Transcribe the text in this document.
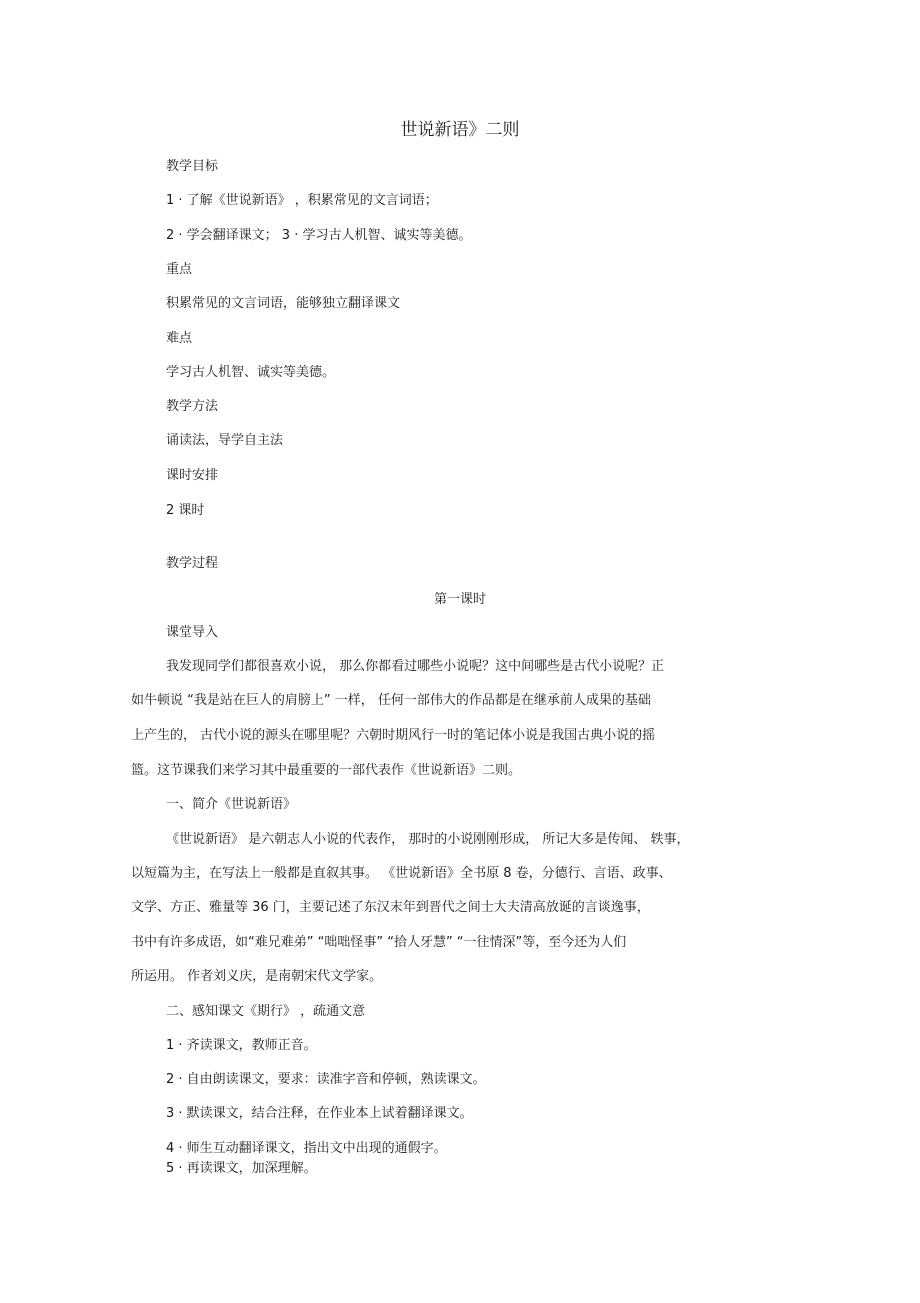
世说新语》二则
教学目标
1 · 了解《世说新语》 ，积累常见的文言词语；
2 · 学会翻译课文； 3 · 学习古人机智、诚实等美德。
重点
积累常见的文言词语，能够独立翻译课文
难点
学习古人机智、诚实等美德。
教学方法
诵读法，导学自主法
课时安排
2 课时
教学过程
第一课时
课堂导入
我发现同学们都很喜欢小说， 那么你都看过哪些小说呢？这中间哪些是古代小说呢？正
如牛顿说 “我是站在巨人的肩膀上” 一样， 任何一部伟大的作品都是在继承前人成果的基础
上产生的， 古代小说的源头在哪里呢？六朝时期风行一时的笔记体小说是我国古典小说的摇
篮。这节课我们来学习其中最重要的一部代表作《世说新语》二则。
一、简介《世说新语》
《世说新语》 是六朝志人小说的代表作， 那时的小说刚刚形成， 所记大多是传闻、 轶事，
以短篇为主，在写法上一般都是直叙其事。 《世说新语》全书原 8 卷，分德行、言语、政事、
文学、方正、雅量等 36 门，主要记述了东汉末年到晋代之间士大夫清高放诞的言谈逸事，
书中有许多成语，如“难兄难弟” “咄咄怪事” “拾人牙慧” “一往情深”等，至今还为人们
所运用。 作者刘义庆，是南朝宋代文学家。
二、感知课文《期行》 ，疏通文意
1 · 齐读课文，教师正音。
2 · 自由朗读课文，要求：读准字音和停顿，熟读课文。
3 · 默读课文，结合注释，在作业本上试着翻译课文。
4 · 师生互动翻译课文，指出文中出现的通假字。
5 · 再读课文，加深理解。
